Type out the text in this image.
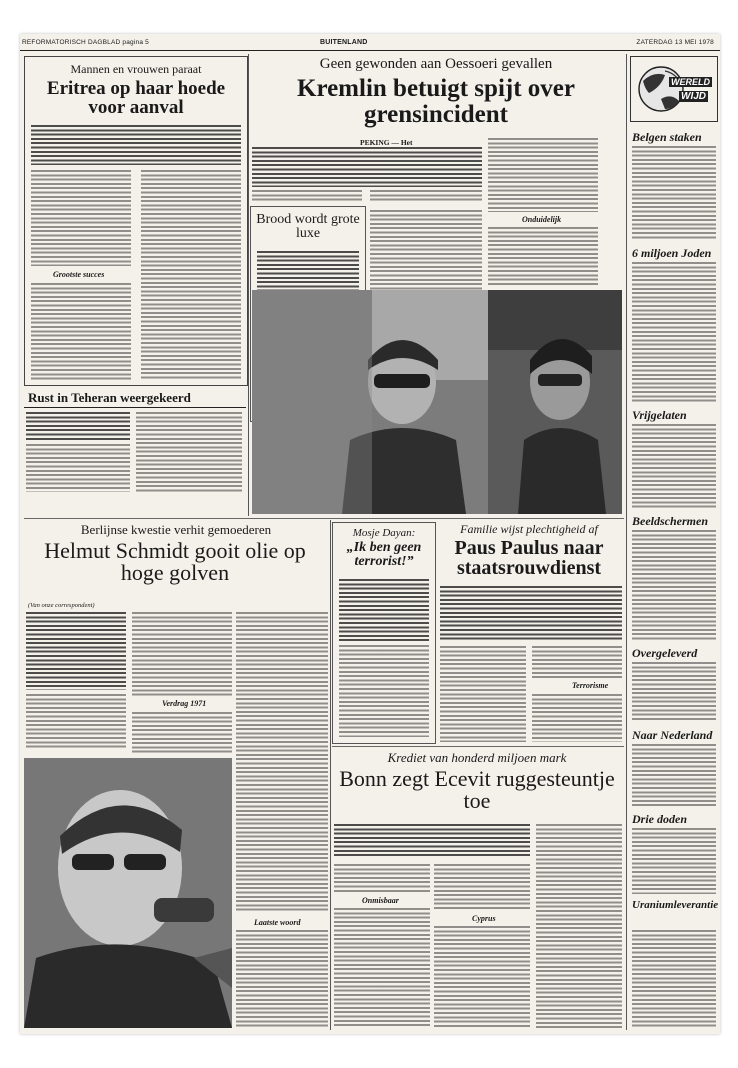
REFORMATORISCH DAGBLAD pagina 5	BUITENLAND	ZATERDAG 13 MEI 1978
Mannen en vrouwen paraat
Eritrea op haar hoede voor aanval
Grootste succes
Rust in Teheran weergekeerd
Geen gewonden aan Oessoeri gevallen
Kremlin betuigt spijt over grensincident
PEKING — Het
Onduidelijk
Brood wordt grote luxe
Berlijnse kwestie verhit gemoederen
Helmut Schmidt gooit olie op hoge golven
(Van onze correspondent)
Verdrag 1971
Laatste woord
Mosje Dayan:
„Ik ben geen terrorist!”
Familie wijst plechtigheid af
Paus Paulus naar staatsrouwdienst
Terrorisme
Krediet van honderd miljoen mark
Bonn zegt Ecevit ruggesteuntje toe
Onmisbaar
Cyprus
WERELD
WIJD
Belgen staken
6 miljoen Joden
Vrijgelaten
Beeldschermen
Overgeleverd
Naar Nederland
Drie doden
Uraniumleverantie
